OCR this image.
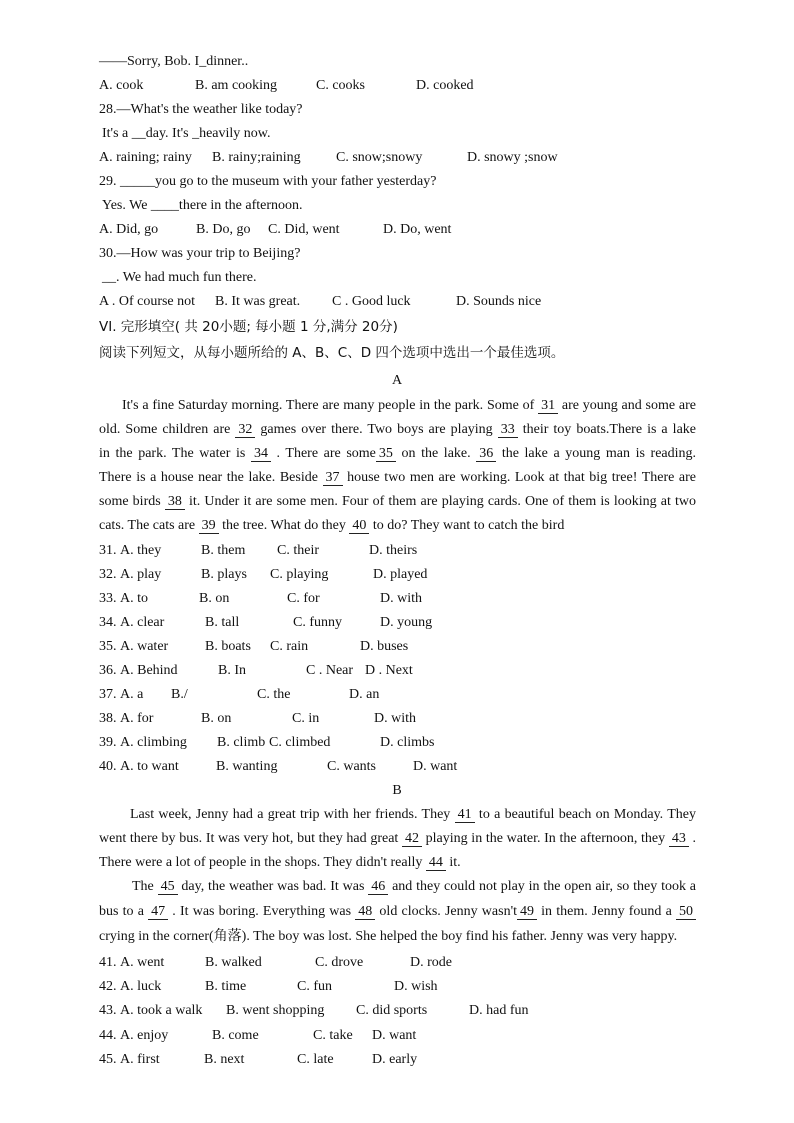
——Sorry, Bob. I_dinner..
A. cook	B. am cooking	C. cooks	D. cooked
28.—What's the weather like today?
It's a __day. It's _heavily now.
A. raining; rainy B. rainy;raining	C. snow;snowy	D. snowy ;snow
29. _____you go to the museum with your father yesterday?
Yes. We ____there in the afternoon.
A. Did, go	B. Do, go C. Did, went	D. Do, went
30.—How was your trip to Beijing?
__. We had much fun there.
A . Of course not B. It was great. C . Good luck	D. Sounds nice
VI. 完形填空( 共 20小题; 每小题 1 分,满分 20分)
阅读下列短文，从每小题所给的 A、B、C、D 四个选项中选出一个最佳选项。
A
It's a fine Saturday morning. There are many people in the park. Some of 31 are young and some are
old. Some children are 32 games over there. Two boys are playing 33 their toy boats.There is a lake
in the park. The water is 34 . There are some 35 on the lake. 36 the lake a young man is reading.
There is a house near the lake. Beside 37 house two men are working. Look at that big tree! There are
some birds 38 it. Under it are some men. Four of them are playing cards. One of them is looking at two
cats. The cats are 39 the tree. What do they 40 to do? They want to catch the bird
31. A. they	B. them C. their	D. theirs
32. A. play	B. plays C. playing	D. played
33. A. to	B. on	C. for	D. with
34. A. clear	B. tall	C. funny	D. young
35. A. water	B. boats C. rain	D. buses
36. A. Behind	B. In	C . Near D . Next
37. A. a B./	C. the	D. an
38. A. for	B. on	C. in	D. with
39. A. climbing B. climb C. climbed	D. climbs
40. A. to want	B. wanting	C. wants	D. want
B
Last week, Jenny had a great trip with her friends. They 41 to a beautiful beach on Monday. They
went there by bus. It was very hot, but they had great 42 playing in the water. In the afternoon, they 43 .
There were a lot of people in the shops. They didn't really 44 it.
The 45 day, the weather was bad. It was 46 and they could not play in the open air, so they took a
bus to a 47 . It was boring. Everything was 48 old clocks. Jenny wasn't 49 in them. Jenny found a 50
crying in the corner(角落). The boy was lost. She helped the boy find his father. Jenny was very happy.
41. A. went	B. walked	C. drove	D. rode
42. A. luck	B. time	C. fun	D. wish
43. A. took a walk B. went shopping C. did sports	D. had fun
44. A. enjoy	B. come	C. take D. want
45. A. first	B. next	C. late	D. early
